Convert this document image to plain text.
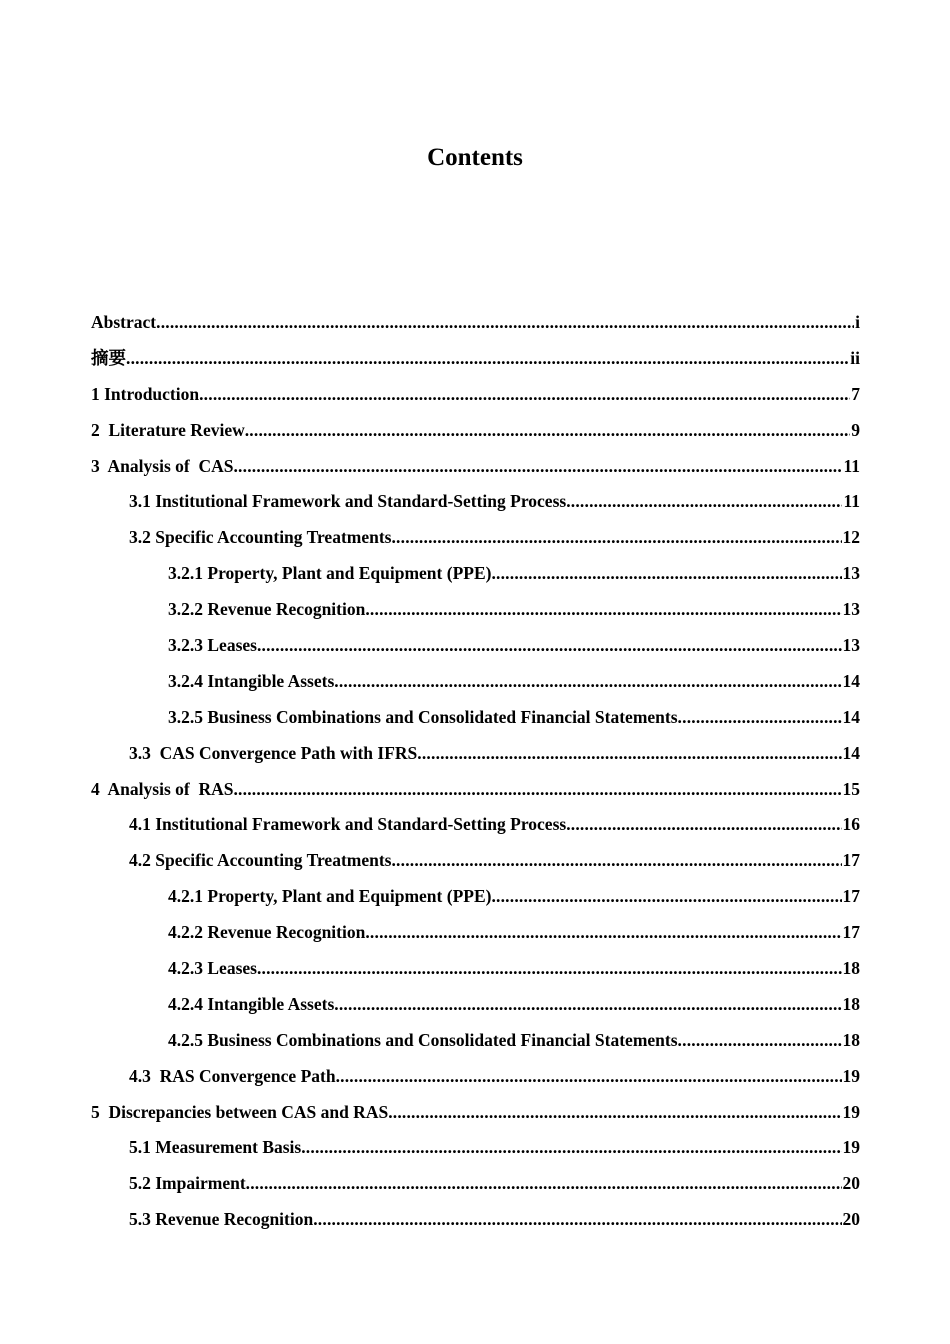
Contents
Abstract .....	i
摘要 .....	ii
1 Introduction .....	7
2  Literature Review .....	9
3  Analysis of  CAS .....	11
3.1 Institutional Framework and Standard-Setting Process .....	11
3.2 Specific Accounting Treatments .....	12
3.2.1 Property, Plant and Equipment (PPE) .....	13
3.2.2 Revenue Recognition .....	13
3.2.3 Leases .....	13
3.2.4 Intangible Assets .....	14
3.2.5 Business Combinations and Consolidated Financial Statements .....	14
3.3  CAS Convergence Path with IFRS .....	14
4  Analysis of  RAS .....	15
4.1 Institutional Framework and Standard-Setting Process .....	16
4.2 Specific Accounting Treatments .....	17
4.2.1 Property, Plant and Equipment (PPE) .....	17
4.2.2 Revenue Recognition .....	17
4.2.3 Leases .....	18
4.2.4 Intangible Assets .....	18
4.2.5 Business Combinations and Consolidated Financial Statements .....	18
4.3  RAS Convergence Path .....	19
5  Discrepancies between CAS and RAS .....	19
5.1 Measurement Basis .....	19
5.2 Impairment .....	20
5.3 Revenue Recognition .....	20
